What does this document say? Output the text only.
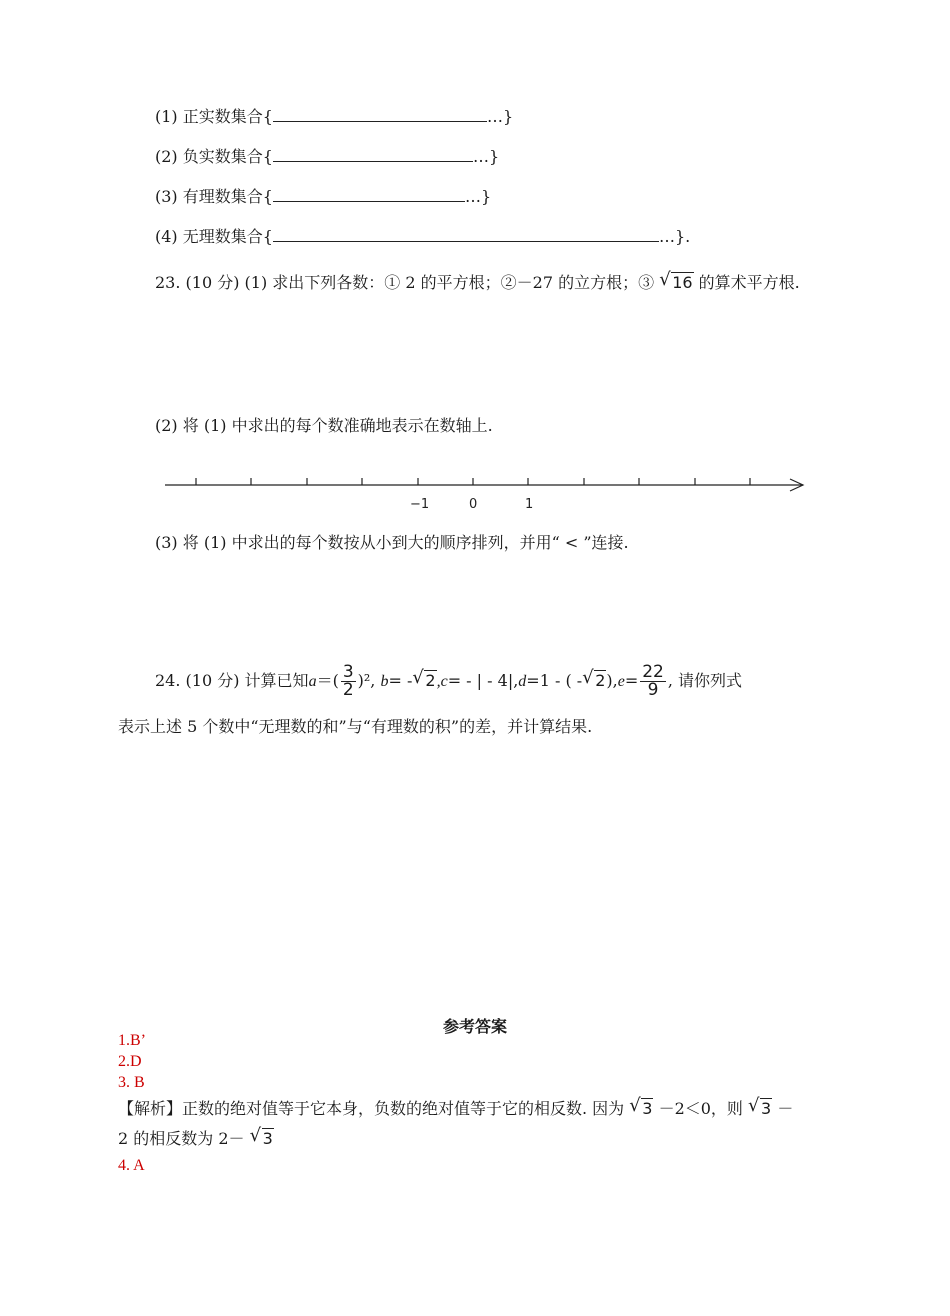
(1) 正实数集合{	…}
(2) 负实数集合{	…}
(3) 有理数集合{	…}
(4) 无理数集合{	…}.
23. (10 分) (1) 求出下列各数：① 2 的平方根；②－27 的立方根；③ √ 16 的算术平方根.
(2) 将 (1) 中求出的每个数准确地表示在数轴上.
−1	0	1
(3) 将 (1) 中求出的每个数按从小到大的顺序排列，并用“ < ”连接.
24. (10 分) 计算已知$a=( \frac{3}{2} )^2$, b= - √ 2,c= - | - 4|,d=1 - ( - √ $2),e= \frac{22}{9}$ , 请你列式
表示上述 5 个数中“无理数的和”与“有理数的积”的差，并计算结果.
参考答案
1.B’
2.D
3. B
【解析】正数的绝对值等于它本身，负数的绝对值等于它的相反数. 因为 √ 3 －2＜0，则 √ 3 －
2 的相反数为 2－ √ 3
4. A
